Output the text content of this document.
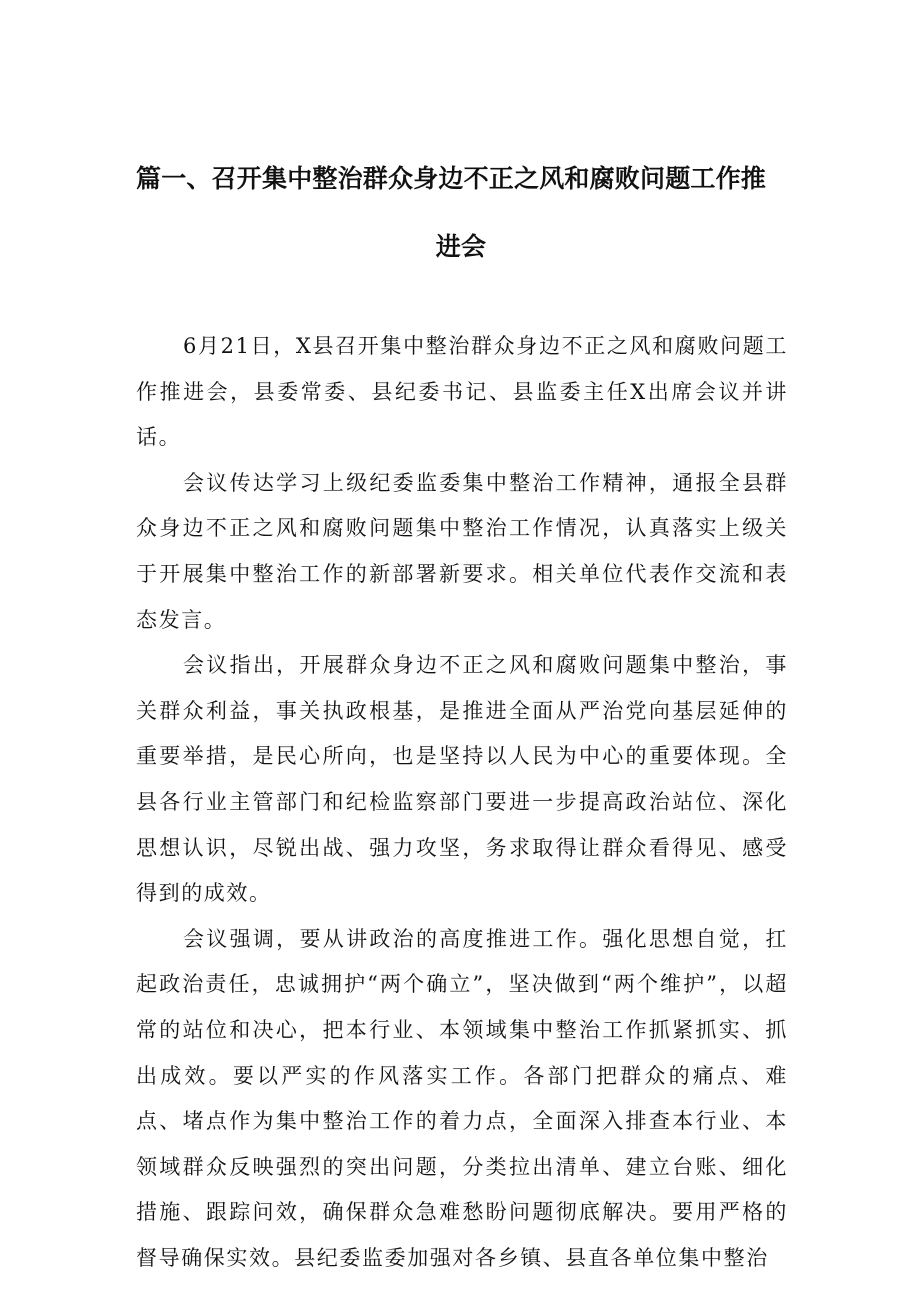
篇一、召开集中整治群众身边不正之风和腐败问题工作推
进会

6月21日，X县召开集中整治群众身边不正之风和腐败问题工作推进会，县委常委、县纪委书记、县监委主任X出席会议并讲话。

会议传达学习上级纪委监委集中整治工作精神，通报全县群众身边不正之风和腐败问题集中整治工作情况，认真落实上级关于开展集中整治工作的新部署新要求。相关单位代表作交流和表态发言。

会议指出，开展群众身边不正之风和腐败问题集中整治，事关群众利益，事关执政根基，是推进全面从严治党向基层延伸的重要举措，是民心所向，也是坚持以人民为中心的重要体现。全县各行业主管部门和纪检监察部门要进一步提高政治站位、深化思想认识，尽锐出战、强力攻坚，务求取得让群众看得见、感受得到的成效。

会议强调，要从讲政治的高度推进工作。强化思想自觉，扛起政治责任，忠诚拥护“两个确立”，坚决做到“两个维护”，以超常的站位和决心，把本行业、本领域集中整治工作抓紧抓实、抓出成效。要以严实的作风落实工作。各部门把群众的痛点、难点、堵点作为集中整治工作的着力点，全面深入排查本行业、本领域群众反映强烈的突出问题，分类拉出清单、建立台账、细化措施、跟踪问效，确保群众急难愁盼问题彻底解决。要用严格的督导确保实效。县纪委监委加强对各乡镇、县直各单位集中整治
